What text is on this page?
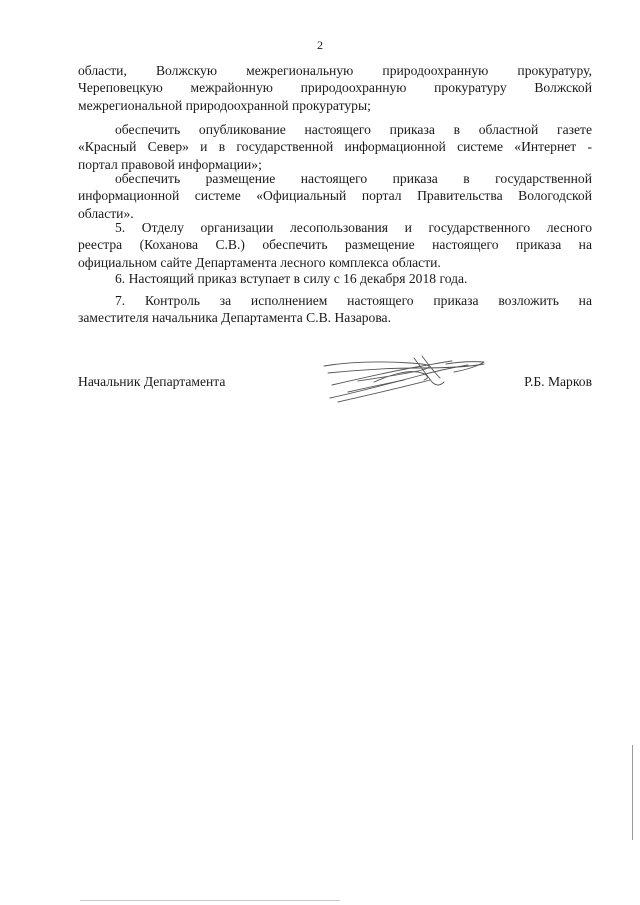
2
области, Волжскую межрегиональную природоохранную прокуратуру,
Череповецкую межрайонную природоохранную прокуратуру Волжской
межрегиональной природоохранной прокуратуры;
обеспечить опубликование настоящего приказа в областной газете
«Красный Север» и в государственной информационной системе «Интернет -
портал правовой информации»;
обеспечить размещение настоящего приказа в государственной
информационной системе «Официальный портал Правительства Вологодской
области».
5. Отделу организации лесопользования и государственного лесного
реестра (Коханова С.В.) обеспечить размещение настоящего приказа на
официальном сайте Департамента лесного комплекса области.
6. Настоящий приказ вступает в силу с 16 декабря 2018 года.
7. Контроль за исполнением настоящего приказа возложить на
заместителя начальника Департамента С.В. Назарова.
Начальник Департамента	Р.Б. Марков
